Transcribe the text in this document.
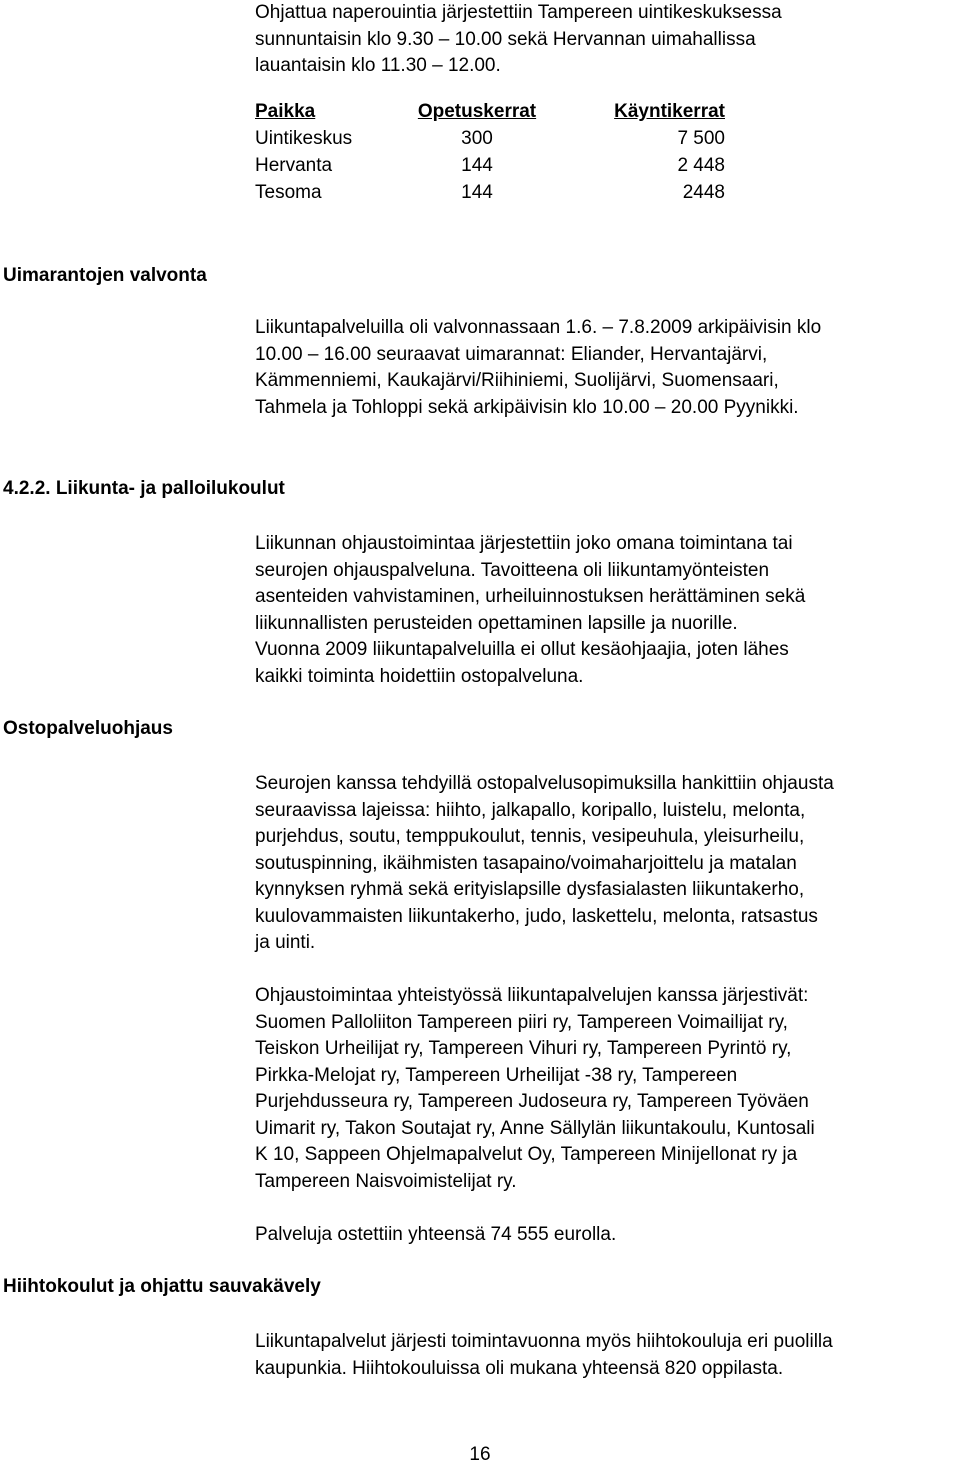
Ohjattua naperouintia järjestettiin Tampereen uintikeskuksessa
sunnuntaisin klo 9.30 – 10.00 sekä Hervannan uimahallissa
lauantaisin klo 11.30 – 12.00.

Paikka	Opetuskerrat	Käyntikerrat
Uintikeskus	300	7 500
Hervanta	144	2 448
Tesoma	144	2448
Uimarantojen valvonta

Liikuntapalveluilla oli valvonnassaan 1.6. – 7.8.2009 arkipäivisin klo
10.00 – 16.00 seuraavat uimarannat: Eliander, Hervantajärvi,
Kämmenniemi, Kaukajärvi/Riihiniemi, Suolijärvi, Suomensaari,
Tahmela ja Tohloppi sekä arkipäivisin klo 10.00 – 20.00 Pyynikki.

4.2.2. Liikunta- ja palloilukoulut

Liikunnan ohjaustoimintaa järjestettiin joko omana toimintana tai
seurojen ohjauspalveluna. Tavoitteena oli liikuntamyönteisten
asenteiden vahvistaminen, urheiluinnostuksen herättäminen sekä
liikunnallisten perusteiden opettaminen lapsille ja nuorille.
Vuonna 2009 liikuntapalveluilla ei ollut kesäohjaajia, joten lähes
kaikki toiminta hoidettiin ostopalveluna.

Ostopalveluohjaus

Seurojen kanssa tehdyillä ostopalvelusopimuksilla hankittiin ohjausta
seuraavissa lajeissa: hiihto, jalkapallo, koripallo, luistelu, melonta,
purjehdus, soutu, temppukoulut, tennis, vesipeuhula, yleisurheilu,
soutuspinning, ikäihmisten tasapaino/voimaharjoittelu ja matalan
kynnyksen ryhmä sekä erityislapsille dysfasialasten liikuntakerho,
kuulovammaisten liikuntakerho, judo, laskettelu, melonta, ratsastus
ja uinti.

Ohjaustoimintaa yhteistyössä liikuntapalvelujen kanssa järjestivät:
Suomen Palloliiton Tampereen piiri ry, Tampereen Voimailijat ry,
Teiskon Urheilijat ry, Tampereen Vihuri ry, Tampereen Pyrintö ry,
Pirkka-Melojat ry, Tampereen Urheilijat -38 ry, Tampereen
Purjehdusseura ry, Tampereen Judoseura ry, Tampereen Työväen
Uimarit ry, Takon Soutajat ry, Anne Sällylän liikuntakoulu, Kuntosali
K 10, Sappeen Ohjelmapalvelut Oy, Tampereen Minijellonat ry ja
Tampereen Naisvoimistelijat ry.

Palveluja ostettiin yhteensä 74 555 eurolla.

Hiihtokoulut ja ohjattu sauvakävely

Liikuntapalvelut järjesti toimintavuonna myös hiihtokouluja eri puolilla
kaupunkia. Hiihtokouluissa oli mukana yhteensä 820 oppilasta.

16
